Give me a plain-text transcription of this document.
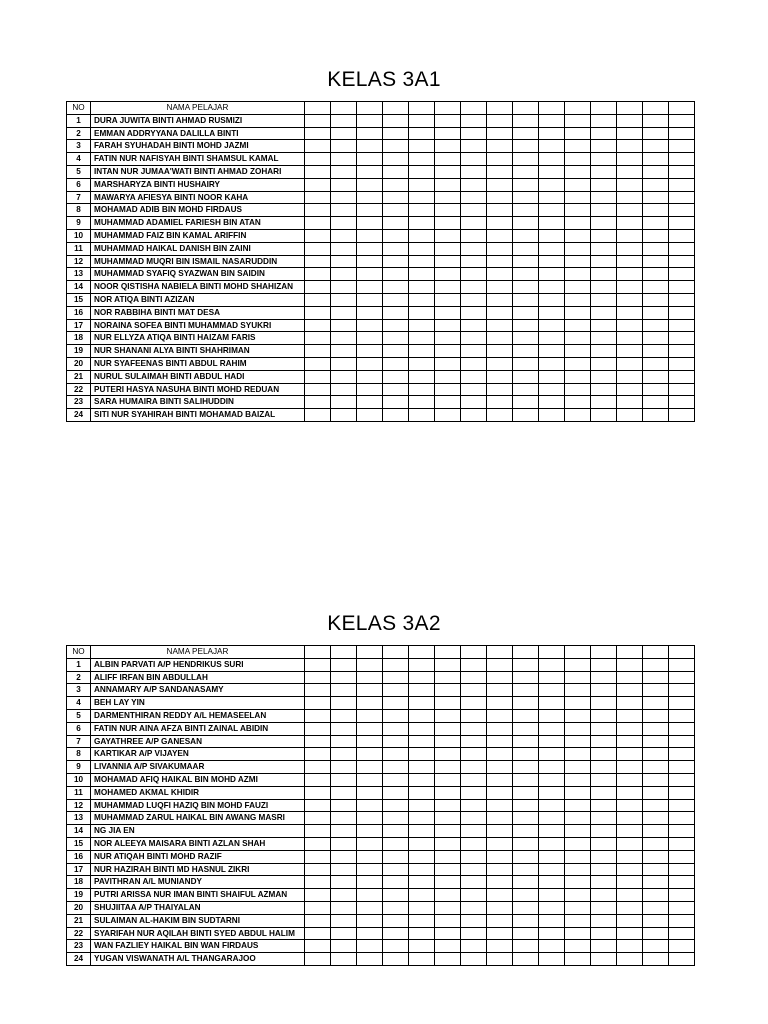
KELAS 3A1
NO	NAMA PELAJAR															
1	DURA JUWITA BINTI AHMAD RUSMIZI															
2	EMMAN ADDRYYANA DALILLA BINTI															
3	FARAH SYUHADAH BINTI MOHD JAZMI															
4	FATIN NUR NAFISYAH BINTI SHAMSUL KAMAL															
5	INTAN NUR JUMAA'WATI BINTI AHMAD ZOHARI															
6	MARSHARYZA BINTI HUSHAIRY															
7	MAWARYA AFIESYA BINTI NOOR KAHA															
8	MOHAMAD ADIB BIN MOHD FIRDAUS															
9	MUHAMMAD ADAMIEL FARIESH BIN ATAN															
10	MUHAMMAD FAIZ BIN KAMAL ARIFFIN															
11	MUHAMMAD HAIKAL DANISH BIN ZAINI															
12	MUHAMMAD MUQRI BIN ISMAIL NASARUDDIN															
13	MUHAMMAD SYAFIQ SYAZWAN BIN SAIDIN															
14	NOOR QISTISHA NABIELA BINTI MOHD SHAHIZAN															
15	NOR ATIQA BINTI AZIZAN															
16	NOR RABBIHA BINTI MAT DESA															
17	NORAINA SOFEA BINTI MUHAMMAD SYUKRI															
18	NUR ELLYZA ATIQA BINTI HAIZAM FARIS															
19	NUR SHANANI ALYA BINTI SHAHRIMAN															
20	NUR SYAFEENAS BINTI ABDUL RAHIM															
21	NURUL SULAIMAH BINTI ABDUL HADI															
22	PUTERI HASYA NASUHA BINTI MOHD REDUAN															
23	SARA HUMAIRA BINTI SALIHUDDIN															
24	SITI NUR SYAHIRAH BINTI MOHAMAD BAIZAL															
KELAS 3A2
NO	NAMA PELAJAR															
1	ALBIN PARVATI A/P HENDRIKUS SURI															
2	ALIFF IRFAN BIN ABDULLAH															
3	ANNAMARY A/P SANDANASAMY															
4	BEH LAY YIN															
5	DARMENTHIRAN REDDY A/L HEMASEELAN															
6	FATIN NUR AINA AFZA BINTI ZAINAL ABIDIN															
7	GAYATHREE A/P GANESAN															
8	KARTIKAR A/P VIJAYEN															
9	LIVANNIA A/P SIVAKUMAAR															
10	MOHAMAD AFIQ HAIKAL BIN MOHD AZMI															
11	MOHAMED AKMAL KHIDIR															
12	MUHAMMAD LUQFI HAZIQ BIN MOHD FAUZI															
13	MUHAMMAD ZARUL HAIKAL BIN AWANG MASRI															
14	NG JIA EN															
15	NOR ALEEYA MAISARA BINTI AZLAN SHAH															
16	NUR ATIQAH BINTI MOHD RAZIF															
17	NUR HAZIRAH BINTI MD HASNUL ZIKRI															
18	PAVITHRAN A/L MUNIANDY															
19	PUTRI ARISSA NUR IMAN BINTI SHAIFUL AZMAN															
20	SHUJIITAA A/P THAIYALAN															
21	SULAIMAN AL-HAKIM BIN SUDTARNI															
22	SYARIFAH NUR AQILAH BINTI SYED ABDUL HALIM															
23	WAN FAZLIEY HAIKAL BIN WAN FIRDAUS															
24	YUGAN VISWANATH A/L THANGARAJOO															
